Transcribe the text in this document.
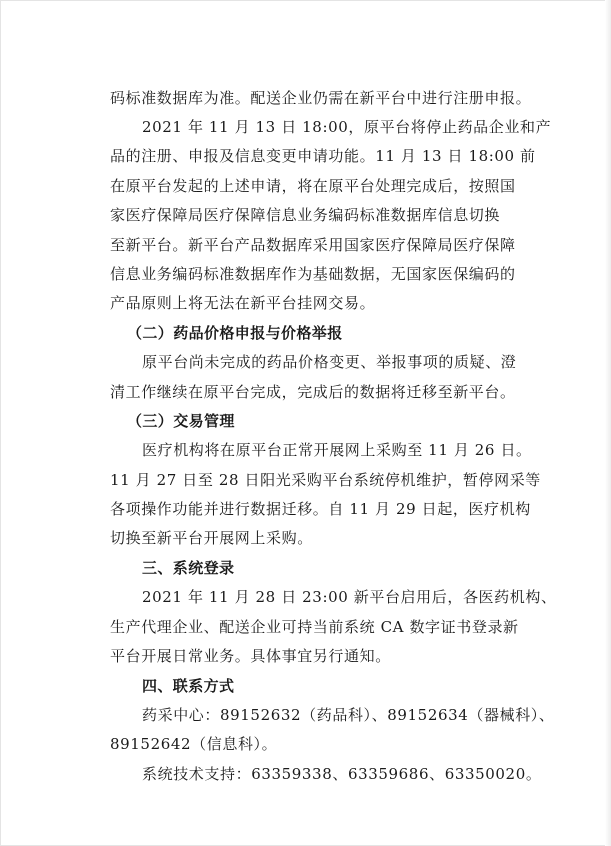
码标准数据库为准。配送企业仍需在新平台中进行注册申报。
2021 年 11 月 13 日 18:00，原平台将停止药品企业和产
品的注册、申报及信息变更申请功能。11 月 13 日 18:00 前
在原平台发起的上述申请，将在原平台处理完成后，按照国
家医疗保障局医疗保障信息业务编码标准数据库信息切换
至新平台。新平台产品数据库采用国家医疗保障局医疗保障
信息业务编码标准数据库作为基础数据，无国家医保编码的
产品原则上将无法在新平台挂网交易。
（二）药品价格申报与价格举报
原平台尚未完成的药品价格变更、举报事项的质疑、澄
清工作继续在原平台完成，完成后的数据将迁移至新平台。
（三）交易管理
医疗机构将在原平台正常开展网上采购至 11 月 26 日。
11 月 27 日至 28 日阳光采购平台系统停机维护，暂停网采等
各项操作功能并进行数据迁移。自 11 月 29 日起，医疗机构
切换至新平台开展网上采购。
三、系统登录
2021 年 11 月 28 日 23:00 新平台启用后，各医药机构、
生产代理企业、配送企业可持当前系统 CA 数字证书登录新
平台开展日常业务。具体事宜另行通知。
四、联系方式
药采中心：89152632（药品科）、89152634（器械科）、
89152642（信息科）。
系统技术支持：63359338、63359686、63350020。
